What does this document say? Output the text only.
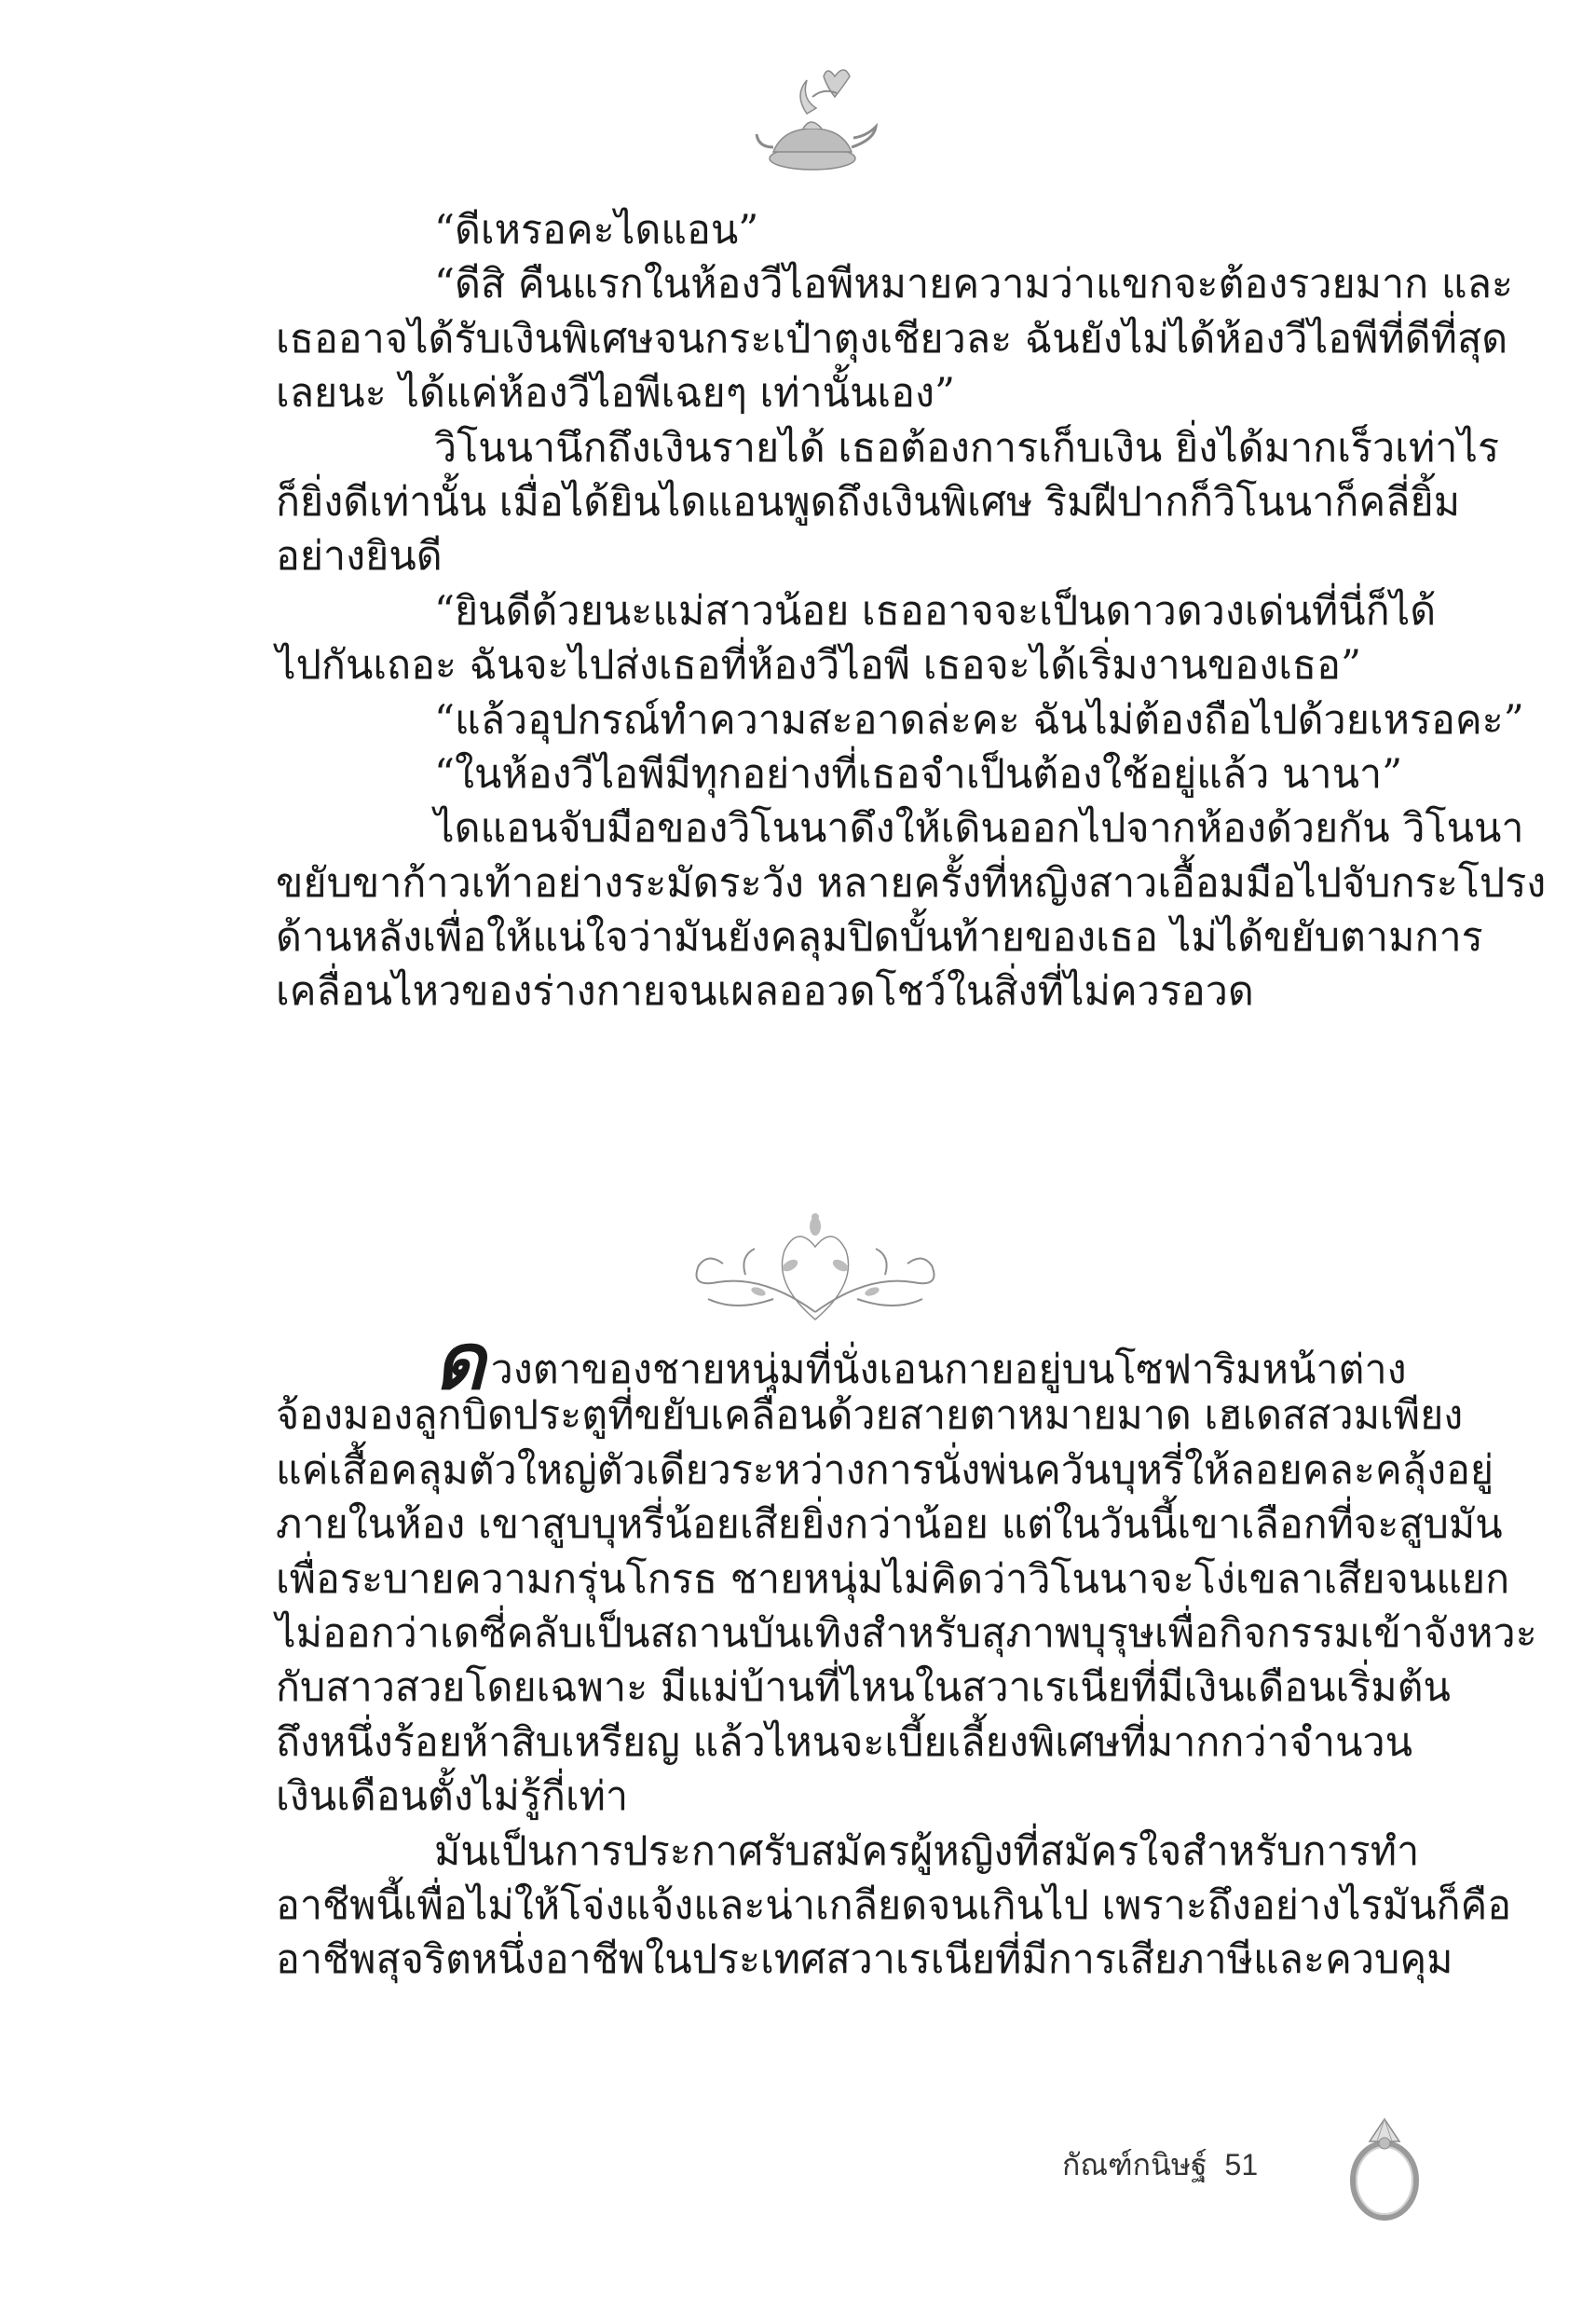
“ดีเหรอคะไดแอน”
“ดีสิ คืนแรกในห้องวีไอพีหมายความว่าแขกจะต้องรวยมาก และ
เธออาจได้รับเงินพิเศษจนกระเป๋าตุงเชียวละ ฉันยังไม่ได้ห้องวีไอพีที่ดีที่สุด
เลยนะ ได้แค่ห้องวีไอพีเฉยๆ เท่านั้นเอง”
วิโนนานึกถึงเงินรายได้ เธอต้องการเก็บเงิน ยิ่งได้มากเร็วเท่าไร
ก็ยิ่งดีเท่านั้น เมื่อได้ยินไดแอนพูดถึงเงินพิเศษ ริมฝีปากก็วิโนนาก็คลี่ยิ้ม
อย่างยินดี
“ยินดีด้วยนะแม่สาวน้อย เธออาจจะเป็นดาวดวงเด่นที่นี่ก็ได้
ไปกันเถอะ ฉันจะไปส่งเธอที่ห้องวีไอพี เธอจะได้เริ่มงานของเธอ”
“แล้วอุปกรณ์ทำความสะอาดล่ะคะ ฉันไม่ต้องถือไปด้วยเหรอคะ”
“ในห้องวีไอพีมีทุกอย่างที่เธอจำเป็นต้องใช้อยู่แล้ว นานา”
ไดแอนจับมือของวิโนนาดึงให้เดินออกไปจากห้องด้วยกัน วิโนนา
ขยับขาก้าวเท้าอย่างระมัดระวัง หลายครั้งที่หญิงสาวเอื้อมมือไปจับกระโปรง
ด้านหลังเพื่อให้แน่ใจว่ามันยังคลุมปิดบั้นท้ายของเธอ ไม่ได้ขยับตามการ
เคลื่อนไหวของร่างกายจนเผลออวดโชว์ในสิ่งที่ไม่ควรอวด
ดวงตาของชายหนุ่มที่นั่งเอนกายอยู่บนโซฟาริมหน้าต่าง
จ้องมองลูกบิดประตูที่ขยับเคลื่อนด้วยสายตาหมายมาด เฮเดสสวมเพียง
แค่เสื้อคลุมตัวใหญ่ตัวเดียวระหว่างการนั่งพ่นควันบุหรี่ให้ลอยคละคลุ้งอยู่
ภายในห้อง เขาสูบบุหรี่น้อยเสียยิ่งกว่าน้อย แต่ในวันนี้เขาเลือกที่จะสูบมัน
เพื่อระบายความกรุ่นโกรธ ชายหนุ่มไม่คิดว่าวิโนนาจะโง่เขลาเสียจนแยก
ไม่ออกว่าเดซี่คลับเป็นสถานบันเทิงสำหรับสุภาพบุรุษเพื่อกิจกรรมเข้าจังหวะ
กับสาวสวยโดยเฉพาะ มีแม่บ้านที่ไหนในสวาเรเนียที่มีเงินเดือนเริ่มต้น
ถึงหนึ่งร้อยห้าสิบเหรียญ แล้วไหนจะเบี้ยเลี้ยงพิเศษที่มากกว่าจำนวน
เงินเดือนตั้งไม่รู้กี่เท่า
มันเป็นการประกาศรับสมัครผู้หญิงที่สมัครใจสำหรับการทำ
อาชีพนี้เพื่อไม่ให้โจ่งแจ้งและน่าเกลียดจนเกินไป เพราะถึงอย่างไรมันก็คือ
อาชีพสุจริตหนึ่งอาชีพในประเทศสวาเรเนียที่มีการเสียภาษีและควบคุม
กัณฑ์กนิษฐ์ 51
